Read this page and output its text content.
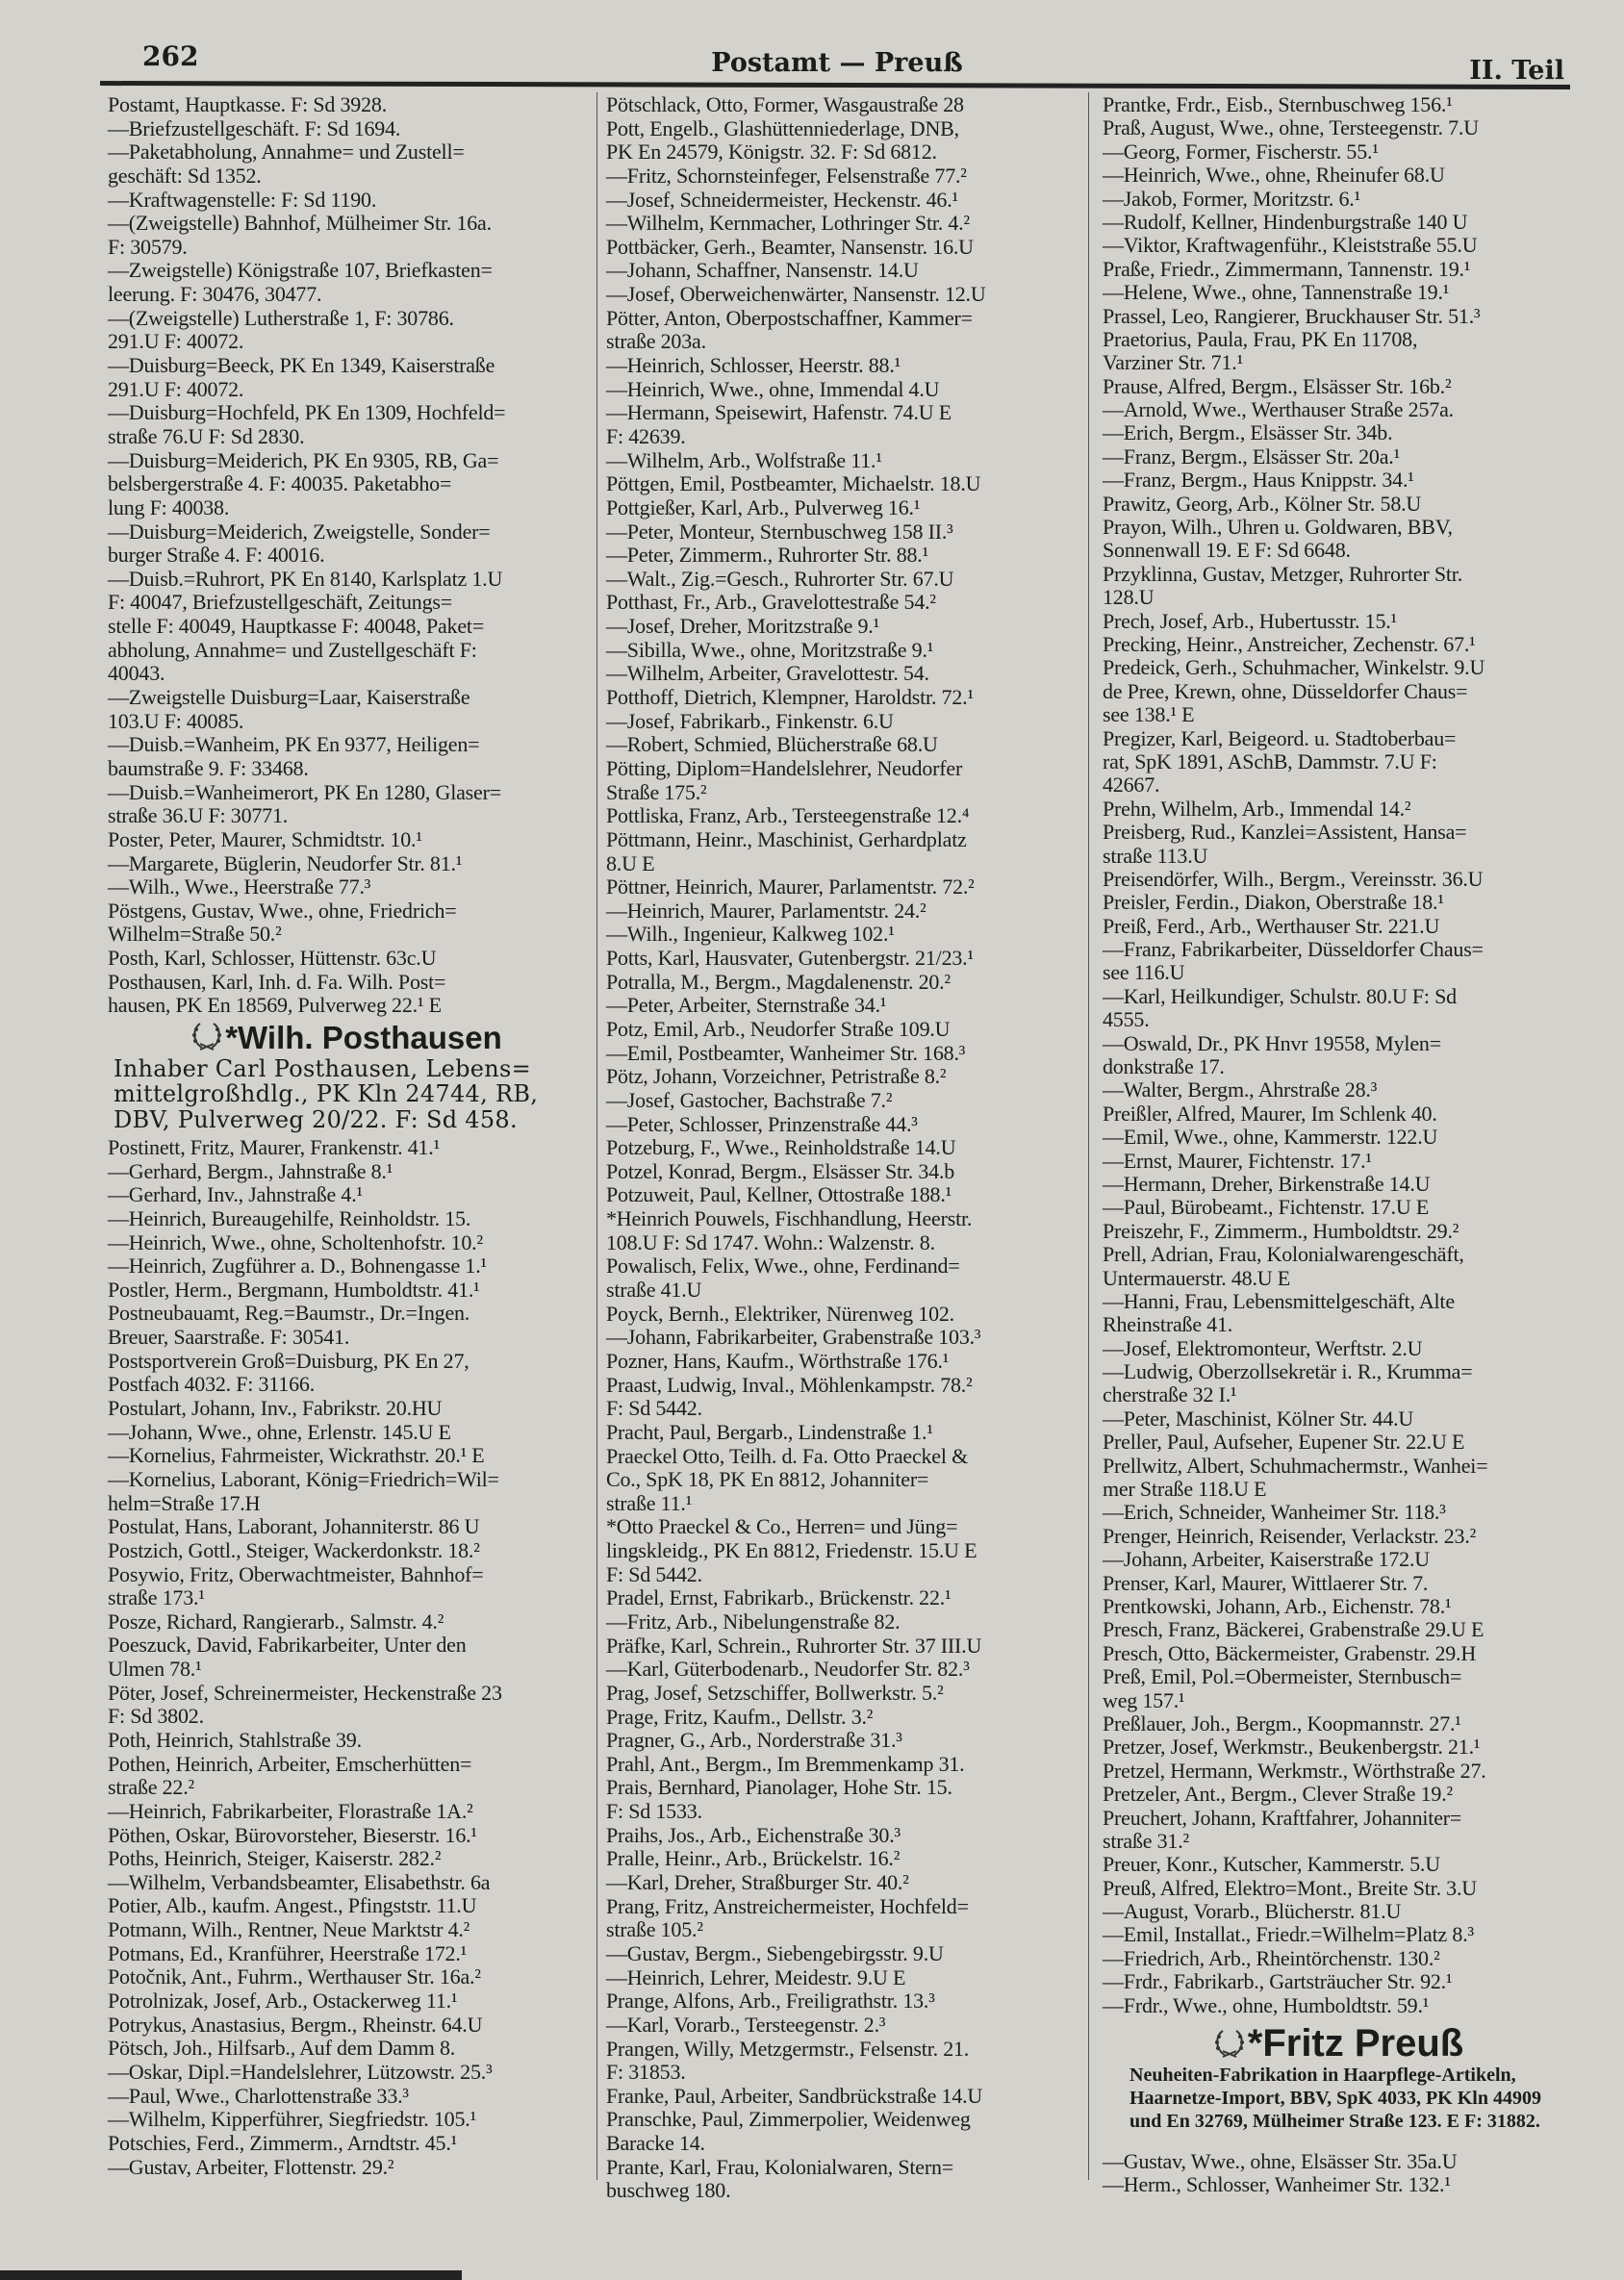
262	Postamt — Preuß	II. Teil
Postamt, Hauptkasse. F: Sd 3928.
—Briefzustellgeschäft. F: Sd 1694.
—Paketabholung, Annahme= und Zustell=
geschäft: Sd 1352.
—Kraftwagenstelle: F: Sd 1190.
—(Zweigstelle) Bahnhof, Mülheimer Str. 16a.
F: 30579.
—Zweigstelle) Königstraße 107, Briefkasten=
leerung. F: 30476, 30477.
—(Zweigstelle) Lutherstraße 1, F: 30786.
291.U F: 40072.
—Duisburg=Beeck, PK En 1349, Kaiserstraße
291.U F: 40072.
—Duisburg=Hochfeld, PK En 1309, Hochfeld=
straße 76.U F: Sd 2830.
—Duisburg=Meiderich, PK En 9305, RB, Ga=
belsbergerstraße 4. F: 40035. Paketabho=
lung F: 40038.
—Duisburg=Meiderich, Zweigstelle, Sonder=
burger Straße 4. F: 40016.
—Duisb.=Ruhrort, PK En 8140, Karlsplatz 1.U
F: 40047, Briefzustellgeschäft, Zeitungs=
stelle F: 40049, Hauptkasse F: 40048, Paket=
abholung, Annahme= und Zustellgeschäft F:
40043.
—Zweigstelle Duisburg=Laar, Kaiserstraße
103.U F: 40085.
—Duisb.=Wanheim, PK En 9377, Heiligen=
baumstraße 9. F: 33468.
—Duisb.=Wanheimerort, PK En 1280, Glaser=
straße 36.U F: 30771.
Poster, Peter, Maurer, Schmidtstr. 10.¹
—Margarete, Büglerin, Neudorfer Str. 81.¹
—Wilh., Wwe., Heerstraße 77.³
Pöstgens, Gustav, Wwe., ohne, Friedrich=
Wilhelm=Straße 50.²
Posth, Karl, Schlosser, Hüttenstr. 63c.U
Posthausen, Karl, Inh. d. Fa. Wilh. Post=
hausen, PK En 18569, Pulverweg 22.¹ E
*Wilh. Posthausen
Inhaber Carl Posthausen, Lebens=
mittelgroßhdlg., PK Kln 24744, RB,
DBV, Pulverweg 20/22. F: Sd 458.
Postinett, Fritz, Maurer, Frankenstr. 41.¹
—Gerhard, Bergm., Jahnstraße 8.¹
—Gerhard, Inv., Jahnstraße 4.¹
—Heinrich, Bureaugehilfe, Reinholdstr. 15.
—Heinrich, Wwe., ohne, Scholtenhofstr. 10.²
—Heinrich, Zugführer a. D., Bohnengasse 1.¹
Postler, Herm., Bergmann, Humboldtstr. 41.¹
Postneubauamt, Reg.=Baumstr., Dr.=Ingen.
Breuer, Saarstraße. F: 30541.
Postsportverein Groß=Duisburg, PK En 27,
Postfach 4032. F: 31166.
Postulart, Johann, Inv., Fabrikstr. 20.HU
—Johann, Wwe., ohne, Erlenstr. 145.U E
—Kornelius, Fahrmeister, Wickrathstr. 20.¹ E
—Kornelius, Laborant, König=Friedrich=Wil=
helm=Straße 17.H
Postulat, Hans, Laborant, Johanniterstr. 86 U
Postzich, Gottl., Steiger, Wackerdonkstr. 18.²
Posywio, Fritz, Oberwachtmeister, Bahnhof=
straße 173.¹
Posze, Richard, Rangierarb., Salmstr. 4.²
Poeszuck, David, Fabrikarbeiter, Unter den
Ulmen 78.¹
Pöter, Josef, Schreinermeister, Heckenstraße 23
F: Sd 3802.
Poth, Heinrich, Stahlstraße 39.
Pothen, Heinrich, Arbeiter, Emscherhütten=
straße 22.²
—Heinrich, Fabrikarbeiter, Florastraße 1A.²
Pöthen, Oskar, Bürovorsteher, Bieserstr. 16.¹
Poths, Heinrich, Steiger, Kaiserstr. 282.²
—Wilhelm, Verbandsbeamter, Elisabethstr. 6a
Potier, Alb., kaufm. Angest., Pfingststr. 11.U
Potmann, Wilh., Rentner, Neue Marktstr 4.²
Potmans, Ed., Kranführer, Heerstraße 172.¹
Potočnik, Ant., Fuhrm., Werthauser Str. 16a.²
Potrolnizak, Josef, Arb., Ostackerweg 11.¹
Potrykus, Anastasius, Bergm., Rheinstr. 64.U
Pötsch, Joh., Hilfsarb., Auf dem Damm 8.
—Oskar, Dipl.=Handelslehrer, Lützowstr. 25.³
—Paul, Wwe., Charlottenstraße 33.³
—Wilhelm, Kipperführer, Siegfriedstr. 105.¹
Potschies, Ferd., Zimmerm., Arndtstr. 45.¹
—Gustav, Arbeiter, Flottenstr. 29.²
Pötschlack, Otto, Former, Wasgaustraße 28
Pott, Engelb., Glashüttenniederlage, DNB,
PK En 24579, Königstr. 32. F: Sd 6812.
—Fritz, Schornsteinfeger, Felsenstraße 77.²
—Josef, Schneidermeister, Heckenstr. 46.¹
—Wilhelm, Kernmacher, Lothringer Str. 4.²
Pottbäcker, Gerh., Beamter, Nansenstr. 16.U
—Johann, Schaffner, Nansenstr. 14.U
—Josef, Oberweichenwärter, Nansenstr. 12.U
Pötter, Anton, Oberpostschaffner, Kammer=
straße 203a.
—Heinrich, Schlosser, Heerstr. 88.¹
—Heinrich, Wwe., ohne, Immendal 4.U
—Hermann, Speisewirt, Hafenstr. 74.U E
F: 42639.
—Wilhelm, Arb., Wolfstraße 11.¹
Pöttgen, Emil, Postbeamter, Michaelstr. 18.U
Pottgießer, Karl, Arb., Pulverweg 16.¹
—Peter, Monteur, Sternbuschweg 158 II.³
—Peter, Zimmerm., Ruhrorter Str. 88.¹
—Walt., Zig.=Gesch., Ruhrorter Str. 67.U
Potthast, Fr., Arb., Gravelottestraße 54.²
—Josef, Dreher, Moritzstraße 9.¹
—Sibilla, Wwe., ohne, Moritzstraße 9.¹
—Wilhelm, Arbeiter, Gravelottestr. 54.
Potthoff, Dietrich, Klempner, Haroldstr. 72.¹
—Josef, Fabrikarb., Finkenstr. 6.U
—Robert, Schmied, Blücherstraße 68.U
Pötting, Diplom=Handelslehrer, Neudorfer
Straße 175.²
Pottliska, Franz, Arb., Tersteegenstraße 12.⁴
Pöttmann, Heinr., Maschinist, Gerhardplatz
8.U E
Pöttner, Heinrich, Maurer, Parlamentstr. 72.²
—Heinrich, Maurer, Parlamentstr. 24.²
—Wilh., Ingenieur, Kalkweg 102.¹
Potts, Karl, Hausvater, Gutenbergstr. 21/23.¹
Potralla, M., Bergm., Magdalenenstr. 20.²
—Peter, Arbeiter, Sternstraße 34.¹
Potz, Emil, Arb., Neudorfer Straße 109.U
—Emil, Postbeamter, Wanheimer Str. 168.³
Pötz, Johann, Vorzeichner, Petristraße 8.²
—Josef, Gastocher, Bachstraße 7.²
—Peter, Schlosser, Prinzenstraße 44.³
Potzeburg, F., Wwe., Reinholdstraße 14.U
Potzel, Konrad, Bergm., Elsässer Str. 34.b
Potzuweit, Paul, Kellner, Ottostraße 188.¹
*Heinrich Pouwels, Fischhandlung, Heerstr.
108.U F: Sd 1747. Wohn.: Walzenstr. 8.
Powalisch, Felix, Wwe., ohne, Ferdinand=
straße 41.U
Poyck, Bernh., Elektriker, Nürenweg 102.
—Johann, Fabrikarbeiter, Grabenstraße 103.³
Pozner, Hans, Kaufm., Wörthstraße 176.¹
Praast, Ludwig, Inval., Möhlenkampstr. 78.²
F: Sd 5442.
Pracht, Paul, Bergarb., Lindenstraße 1.¹
Praeckel Otto, Teilh. d. Fa. Otto Praeckel &
Co., SpK 18, PK En 8812, Johanniter=
straße 11.¹
*Otto Praeckel & Co., Herren= und Jüng=
lingskleidg., PK En 8812, Friedenstr. 15.U E
F: Sd 5442.
Pradel, Ernst, Fabrikarb., Brückenstr. 22.¹
—Fritz, Arb., Nibelungenstraße 82.
Präfke, Karl, Schrein., Ruhrorter Str. 37 III.U
—Karl, Güterbodenarb., Neudorfer Str. 82.³
Prag, Josef, Setzschiffer, Bollwerkstr. 5.²
Prage, Fritz, Kaufm., Dellstr. 3.²
Pragner, G., Arb., Norderstraße 31.³
Prahl, Ant., Bergm., Im Bremmenkamp 31.
Prais, Bernhard, Pianolager, Hohe Str. 15.
F: Sd 1533.
Praihs, Jos., Arb., Eichenstraße 30.³
Pralle, Heinr., Arb., Brückelstr. 16.²
—Karl, Dreher, Straßburger Str. 40.²
Prang, Fritz, Anstreichermeister, Hochfeld=
straße 105.²
—Gustav, Bergm., Siebengebirgsstr. 9.U
—Heinrich, Lehrer, Meidestr. 9.U E
Prange, Alfons, Arb., Freiligrathstr. 13.³
—Karl, Vorarb., Tersteegenstr. 2.³
Prangen, Willy, Metzgermstr., Felsenstr. 21.
F: 31853.
Franke, Paul, Arbeiter, Sandbrückstraße 14.U
Pranschke, Paul, Zimmerpolier, Weidenweg
Baracke 14.
Prante, Karl, Frau, Kolonialwaren, Stern=
buschweg 180.
Prantke, Frdr., Eisb., Sternbuschweg 156.¹
Praß, August, Wwe., ohne, Tersteegenstr. 7.U
—Georg, Former, Fischerstr. 55.¹
—Heinrich, Wwe., ohne, Rheinufer 68.U
—Jakob, Former, Moritzstr. 6.¹
—Rudolf, Kellner, Hindenburgstraße 140 U
—Viktor, Kraftwagenführ., Kleiststraße 55.U
Praße, Friedr., Zimmermann, Tannenstr. 19.¹
—Helene, Wwe., ohne, Tannenstraße 19.¹
Prassel, Leo, Rangierer, Bruckhauser Str. 51.³
Praetorius, Paula, Frau, PK En 11708,
Varziner Str. 71.¹
Prause, Alfred, Bergm., Elsässer Str. 16b.²
—Arnold, Wwe., Werthauser Straße 257a.
—Erich, Bergm., Elsässer Str. 34b.
—Franz, Bergm., Elsässer Str. 20a.¹
—Franz, Bergm., Haus Knippstr. 34.¹
Prawitz, Georg, Arb., Kölner Str. 58.U
Prayon, Wilh., Uhren u. Goldwaren, BBV,
Sonnenwall 19. E F: Sd 6648.
Przyklinna, Gustav, Metzger, Ruhrorter Str.
128.U
Prech, Josef, Arb., Hubertusstr. 15.¹
Precking, Heinr., Anstreicher, Zechenstr. 67.¹
Predeick, Gerh., Schuhmacher, Winkelstr. 9.U
de Pree, Krewn, ohne, Düsseldorfer Chaus=
see 138.¹ E
Pregizer, Karl, Beigeord. u. Stadtoberbau=
rat, SpK 1891, ASchB, Dammstr. 7.U F:
42667.
Prehn, Wilhelm, Arb., Immendal 14.²
Preisberg, Rud., Kanzlei=Assistent, Hansa=
straße 113.U
Preisendörfer, Wilh., Bergm., Vereinsstr. 36.U
Preisler, Ferdin., Diakon, Oberstraße 18.¹
Preiß, Ferd., Arb., Werthauser Str. 221.U
—Franz, Fabrikarbeiter, Düsseldorfer Chaus=
see 116.U
—Karl, Heilkundiger, Schulstr. 80.U F: Sd
4555.
—Oswald, Dr., PK Hnvr 19558, Mylen=
donkstraße 17.
—Walter, Bergm., Ahrstraße 28.³
Preißler, Alfred, Maurer, Im Schlenk 40.
—Emil, Wwe., ohne, Kammerstr. 122.U
—Ernst, Maurer, Fichtenstr. 17.¹
—Hermann, Dreher, Birkenstraße 14.U
—Paul, Bürobeamt., Fichtenstr. 17.U E
Preiszehr, F., Zimmerm., Humboldtstr. 29.²
Prell, Adrian, Frau, Kolonialwarengeschäft,
Untermauerstr. 48.U E
—Hanni, Frau, Lebensmittelgeschäft, Alte
Rheinstraße 41.
—Josef, Elektromonteur, Werftstr. 2.U
—Ludwig, Oberzollsekretär i. R., Krumma=
cherstraße 32 I.¹
—Peter, Maschinist, Kölner Str. 44.U
Preller, Paul, Aufseher, Eupener Str. 22.U E
Prellwitz, Albert, Schuhmachermstr., Wanhei=
mer Straße 118.U E
—Erich, Schneider, Wanheimer Str. 118.³
Prenger, Heinrich, Reisender, Verlackstr. 23.²
—Johann, Arbeiter, Kaiserstraße 172.U
Prenser, Karl, Maurer, Wittlaerer Str. 7.
Prentkowski, Johann, Arb., Eichenstr. 78.¹
Presch, Franz, Bäckerei, Grabenstraße 29.U E
Presch, Otto, Bäckermeister, Grabenstr. 29.H
Preß, Emil, Pol.=Obermeister, Sternbusch=
weg 157.¹
Preßlauer, Joh., Bergm., Koopmannstr. 27.¹
Pretzer, Josef, Werkmstr., Beukenbergstr. 21.¹
Pretzel, Hermann, Werkmstr., Wörthstraße 27.
Pretzeler, Ant., Bergm., Clever Straße 19.²
Preuchert, Johann, Kraftfahrer, Johanniter=
straße 31.²
Preuer, Konr., Kutscher, Kammerstr. 5.U
Preuß, Alfred, Elektro=Mont., Breite Str. 3.U
—August, Vorarb., Blücherstr. 81.U
—Emil, Installat., Friedr.=Wilhelm=Platz 8.³
—Friedrich, Arb., Rheintörchenstr. 130.²
—Frdr., Fabrikarb., Gartsträucher Str. 92.¹
—Frdr., Wwe., ohne, Humboldtstr. 59.¹
*Fritz Preuß
Neuheiten-Fabrikation in Haarpflege-Artikeln,
Haarnetze-Import, BBV, SpK 4033, PK Kln 44909
und En 32769, Mülheimer Straße 123. E F: 31882.
—Gustav, Wwe., ohne, Elsässer Str. 35a.U
—Herm., Schlosser, Wanheimer Str. 132.¹
